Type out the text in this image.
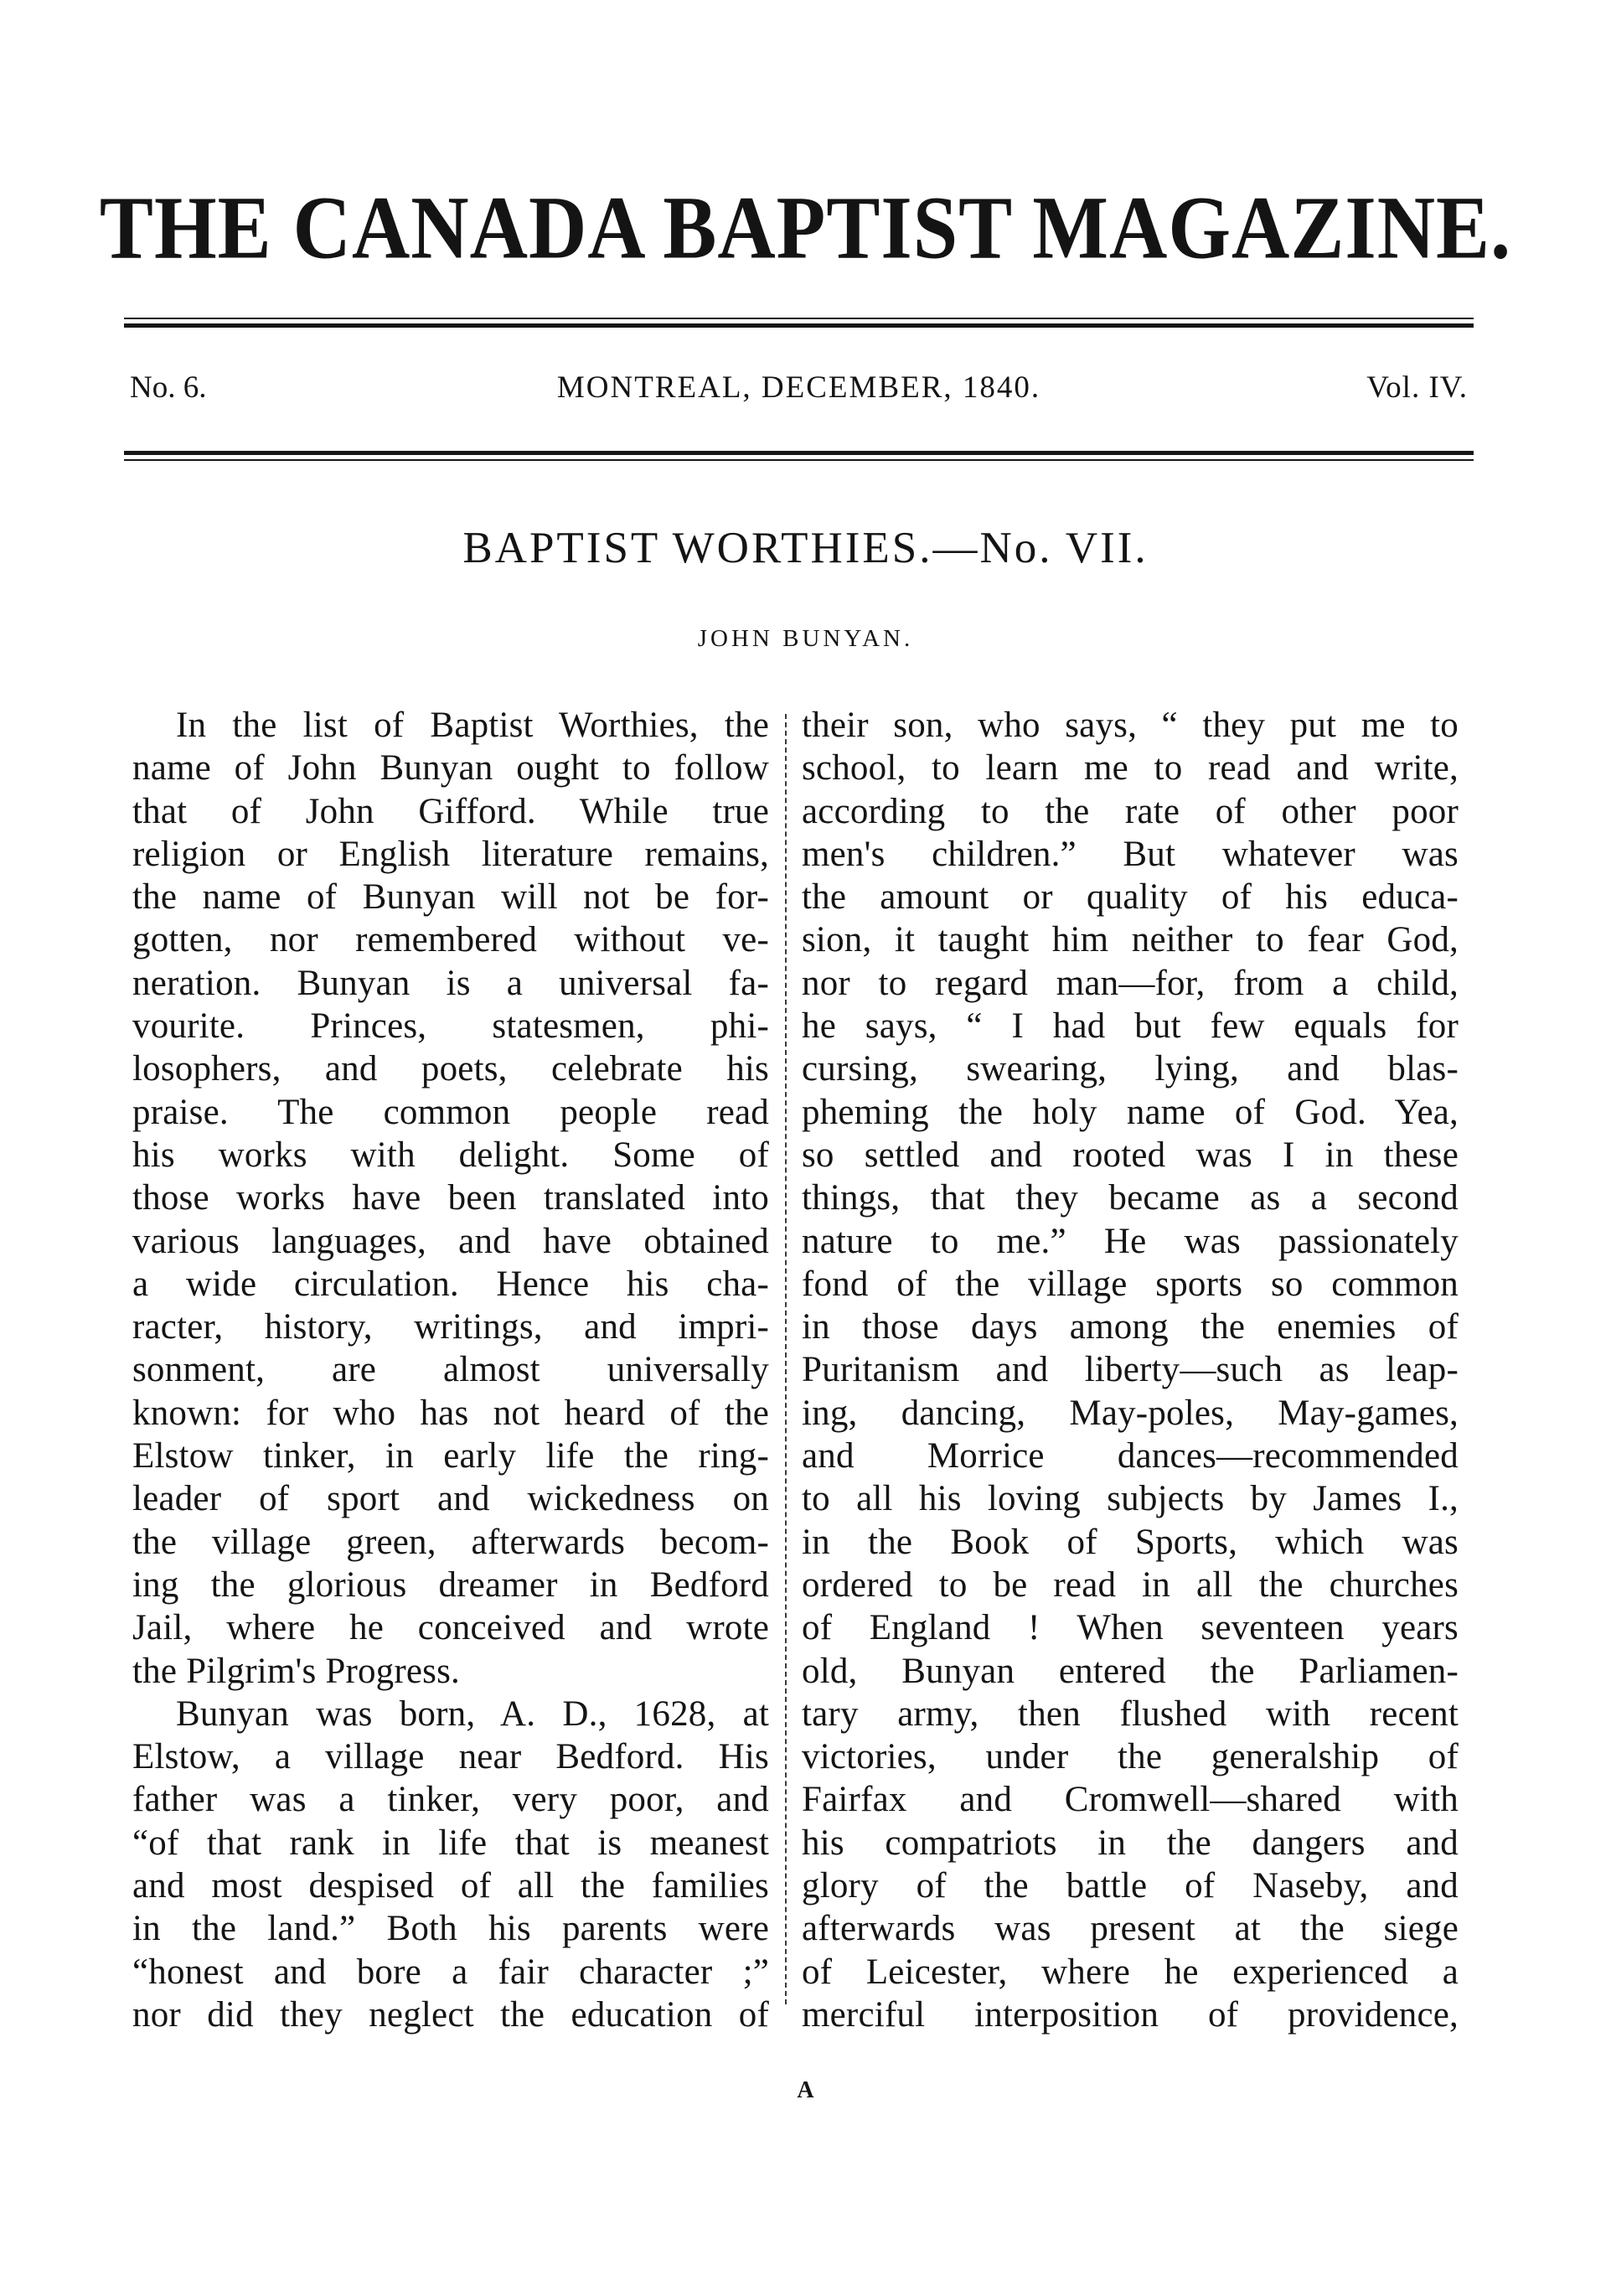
THE CANADA BAPTIST MAGAZINE.
MONTREAL, DECEMBER, 1840.
No. 6.	Vol. IV.
BAPTIST WORTHIES.—No. VII.
JOHN BUNYAN.
In the list of Baptist Worthies, the
name of John Bunyan ought to follow
that of John Gifford. While true
religion or English literature remains,
the name of Bunyan will not be for-
gotten, nor remembered without ve-
neration. Bunyan is a universal fa-
vourite. Princes, statesmen, phi-
losophers, and poets, celebrate his
praise. The common people read
his works with delight. Some of
those works have been translated into
various languages, and have obtained
a wide circulation. Hence his cha-
racter, history, writings, and impri-
sonment, are almost universally
known: for who has not heard of the
Elstow tinker, in early life the ring-
leader of sport and wickedness on
the village green, afterwards becom-
ing the glorious dreamer in Bedford
Jail, where he conceived and wrote
the Pilgrim's Progress.
Bunyan was born, A. D., 1628, at
Elstow, a village near Bedford. His
father was a tinker, very poor, and
“of that rank in life that is meanest
and most despised of all the families
in the land.” Both his parents were
“honest and bore a fair character ;”
nor did they neglect the education of
their son, who says, “ they put me to
school, to learn me to read and write,
according to the rate of other poor
men's children.” But whatever was
the amount or quality of his educa-
sion, it taught him neither to fear God,
nor to regard man—for, from a child,
he says, “ I had but few equals for
cursing, swearing, lying, and blas-
pheming the holy name of God. Yea,
so settled and rooted was I in these
things, that they became as a second
nature to me.” He was passionately
fond of the village sports so common
in those days among the enemies of
Puritanism and liberty—such as leap-
ing, dancing, May-poles, May-games,
and Morrice dances—recommended
to all his loving subjects by James I.,
in the Book of Sports, which was
ordered to be read in all the churches
of England ! When seventeen years
old, Bunyan entered the Parliamen-
tary army, then flushed with recent
victories, under the generalship of
Fairfax and Cromwell—shared with
his compatriots in the dangers and
glory of the battle of Naseby, and
afterwards was present at the siege
of Leicester, where he experienced a
merciful interposition of providence,
A
